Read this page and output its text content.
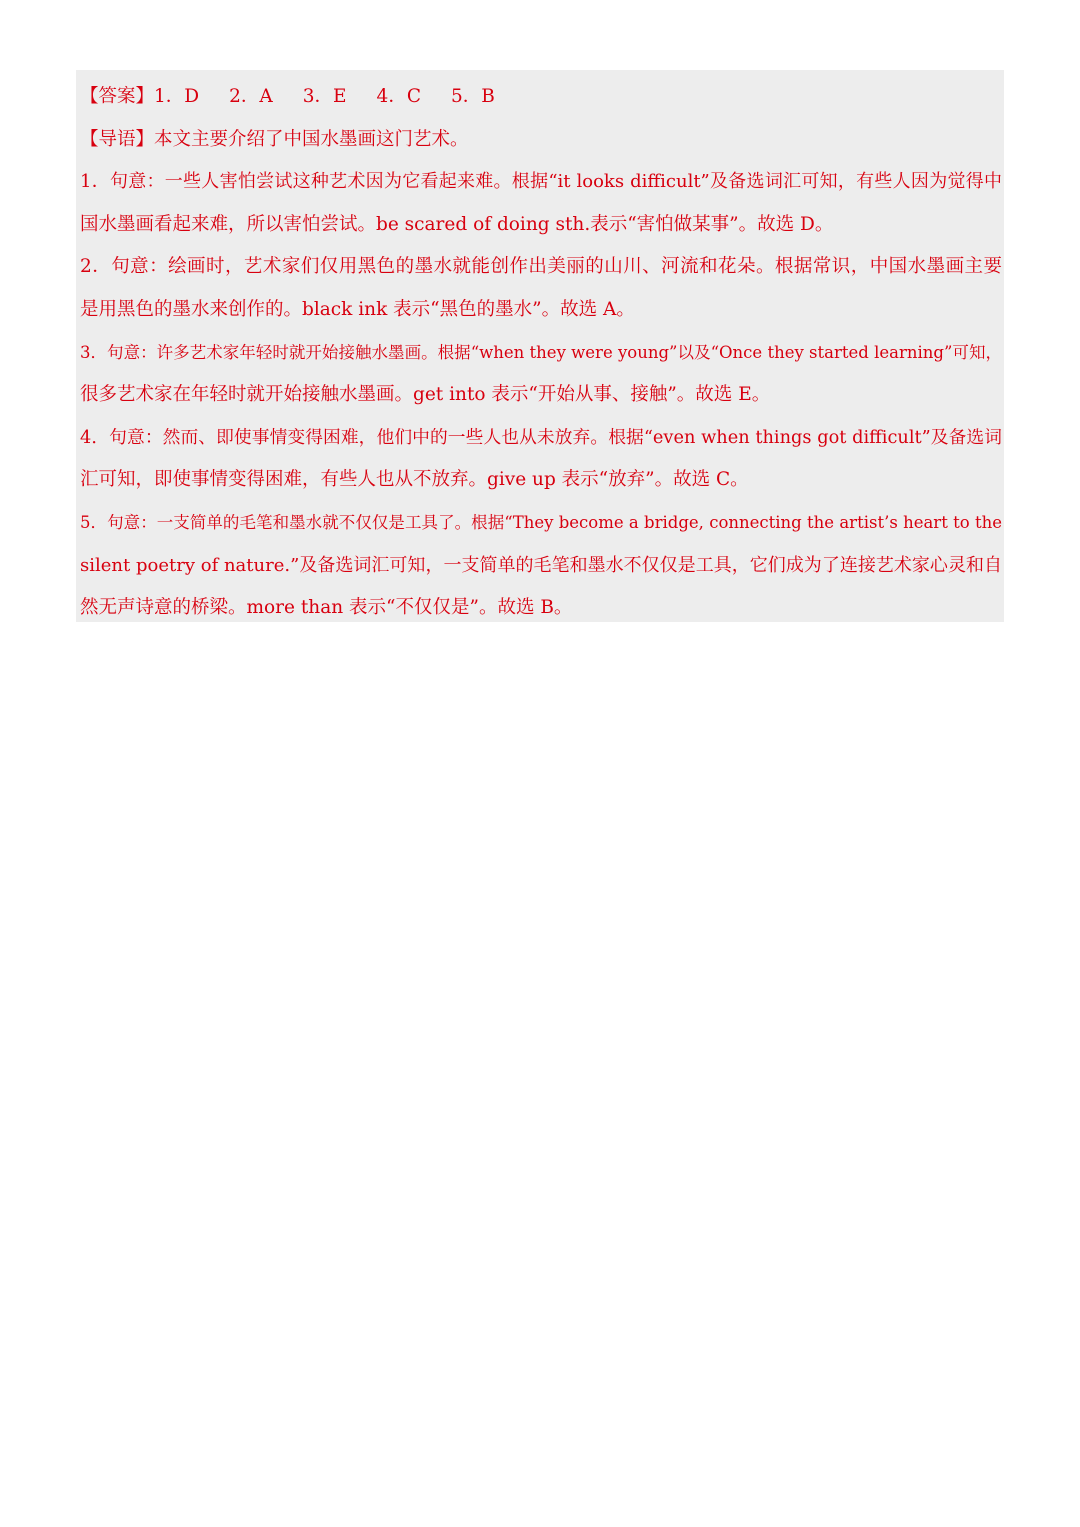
【答案】1．D 2．A 3．E 4．C 5．B
【导语】本文主要介绍了中国水墨画这门艺术。
1．句意：一些人害怕尝试这种艺术因为它看起来难。根据“it looks difficult”及备选词汇可知，有些人因为觉得中
国水墨画看起来难，所以害怕尝试。be scared of doing sth.表示“害怕做某事”。故选 D。
2．句意：绘画时，艺术家们仅用黑色的墨水就能创作出美丽的山川、河流和花朵。根据常识，中国水墨画主要
是用黑色的墨水来创作的。black ink 表示“黑色的墨水”。故选 A。
3．句意：许多艺术家年轻时就开始接触水墨画。根据“when they were young”以及“Once they started learning”可知，
很多艺术家在年轻时就开始接触水墨画。get into 表示“开始从事、接触”。故选 E。
4．句意：然而、即使事情变得困难，他们中的一些人也从未放弃。根据“even when things got difficult”及备选词
汇可知，即使事情变得困难，有些人也从不放弃。give up 表示“放弃”。故选 C。
5．句意：一支简单的毛笔和墨水就不仅仅是工具了。根据“They become a bridge, connecting the artist’s heart to the
silent poetry of nature.”及备选词汇可知，一支简单的毛笔和墨水不仅仅是工具，它们成为了连接艺术家心灵和自
然无声诗意的桥梁。more than 表示“不仅仅是”。故选 B。
